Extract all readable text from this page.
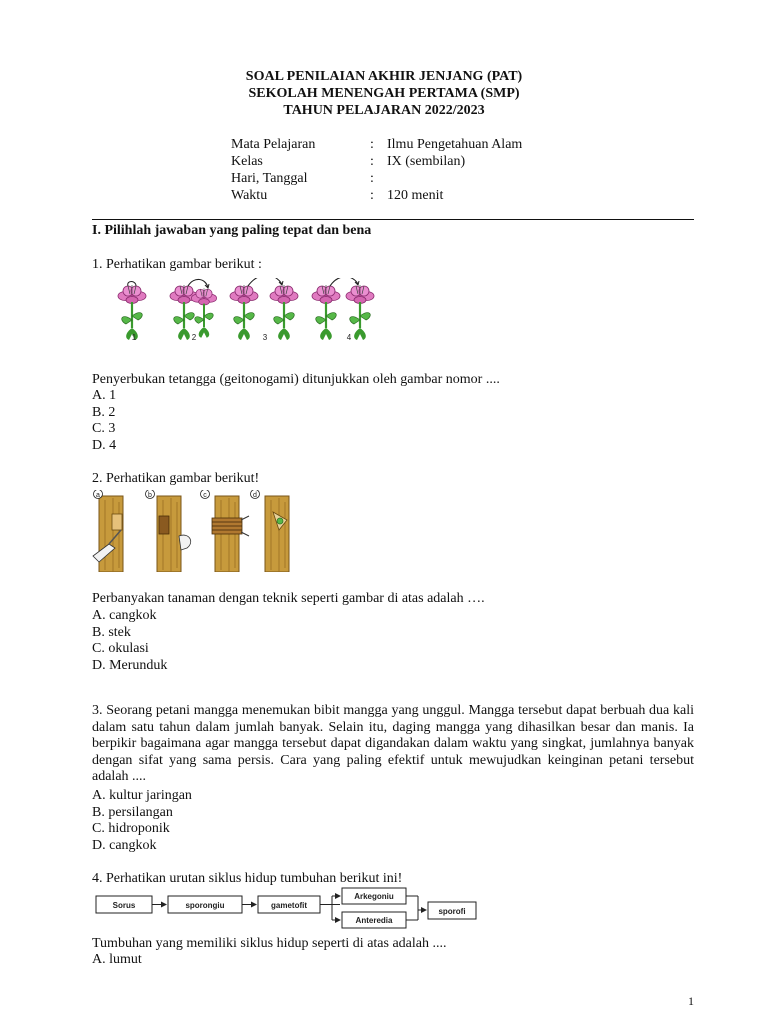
SOAL PENILAIAN AKHIR JENJANG (PAT)
SEKOLAH MENENGAH PERTAMA (SMP)
TAHUN PELAJARAN 2022/2023
Mata Pelajaran	: Ilmu Pengetahuan Alam
Kelas	: IX (sembilan)
Hari, Tanggal	:
Waktu	: 120 menit
I. Pilihlah jawaban yang paling tepat dan bena
1. Perhatikan gambar berikut :
1	2	3	4
Penyerbukan tetangga (geitonogami) ditunjukkan oleh gambar nomor ....
A. 1
B. 2
C. 3
D. 4
2. Perhatikan gambar berikut!
a	b	c	d
Perbanyakan tanaman dengan teknik seperti gambar di atas adalah ….
A. cangkok
B. stek
C. okulasi
D. Merunduk
3. Seorang petani mangga menemukan bibit mangga yang unggul. Mangga tersebut dapat berbuah dua kali dalam satu tahun dalam jumlah banyak. Selain itu, daging mangga yang dihasilkan besar dan manis. Ia berpikir bagaimana agar mangga tersebut dapat digandakan dalam waktu yang singkat, jumlahnya banyak dengan sifat yang sama persis. Cara yang paling efektif untuk mewujudkan keinginan petani tersebut adalah ....
A. kultur jaringan
B. persilangan
C. hidroponik
D. cangkok
4. Perhatikan urutan siklus hidup tumbuhan berikut ini!
Sorus	sporongiu	gametofit
Arkegoniu
Anteredia
sporofi
Tumbuhan yang memiliki siklus hidup seperti di atas adalah ....
A. lumut
1
